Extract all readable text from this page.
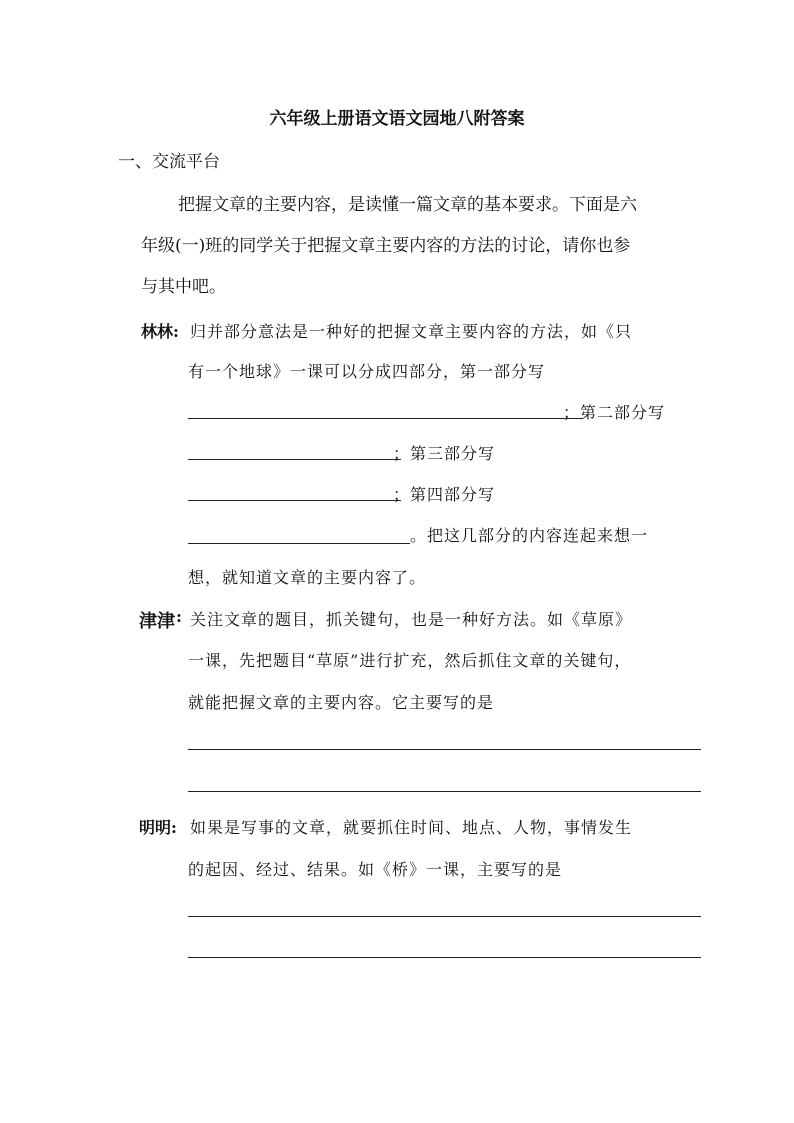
六年级上册语文语文园地八附答案
一、交流平台
把握文章的主要内容，是读懂一篇文章的基本要求。下面是六
年级(一)班的同学关于把握文章主要内容的方法的讨论，请你也参
与其中吧。
林林: 归并部分意法是一种好的把握文章主要内容的方法，如《只
有一个地球》一课可以分成四部分，第一部分写
；第二部分写
；第三部分写
；第四部分写
。把这几部分的内容连起来想一
想，就知道文章的主要内容了。
津津 : 关注文章的题目，抓关键句，也是一种好方法。如《草原》
一课，先把题目“草原”进行扩充，然后抓住文章的关键句，
就能把握文章的主要内容。它主要写的是
明明: 如果是写事的文章，就要抓住时间、地点、人物，事情发生
的起因、经过、结果。如《桥》一课，主要写的是
